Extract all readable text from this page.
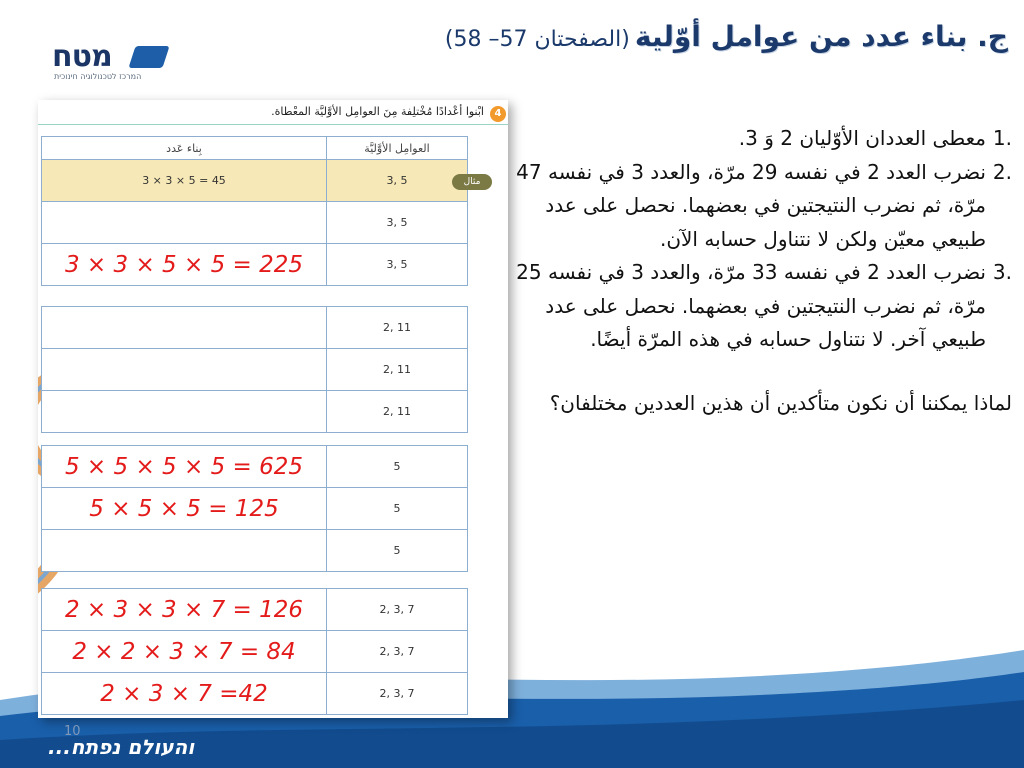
מטח
המרכז לטכנולוגיה חינוכית
ج. بناء عدد من عوامل أوّلية (الصفحتان 57– 58)
4
ابْنوا أعْدادًا مُخْتلِفة مِنَ العوامِل الأوَّليَّة المعْطاة.
بِناء عَدد	العوامِل الأوَّليَّة
3 × 3 × 5 = 45	3, 5
	3, 5

3 × 3 × 5 × 5 = 225	3, 5
مثال
	2, 11
	2, 11
	2, 11
5 × 5 × 5 × 5 = 625	5

5 × 5 × 5 = 125	5
	5
2 × 3 × 3 × 7 = 126	2, 3, 7

2 × 2 × 3 × 7 = 84	2, 3, 7

2 × 3 × 7 =42	2, 3, 7
.1
معطى العددان الأوّليان 2 وَ 3.
.2
نضرب العدد 2 في نفسه 29 مرّة، والعدد 3 في نفسه 47 مرّة، ثم نضرب النتيجتين في بعضهما. نحصل على عدد طبيعي معيّن ولكن لا نتناول حسابه الآن.
.3
نضرب العدد 2 في نفسه 33 مرّة، والعدد 3 في نفسه 25 مرّة، ثم نضرب النتيجتين في بعضهما. نحصل على عدد طبيعي آخر. لا نتناول حسابه في هذه المرّة أيضًا.
لماذا يمكننا أن نكون متأكدين أن هذين العددين مختلفان؟
10
והעולם נפתח...
